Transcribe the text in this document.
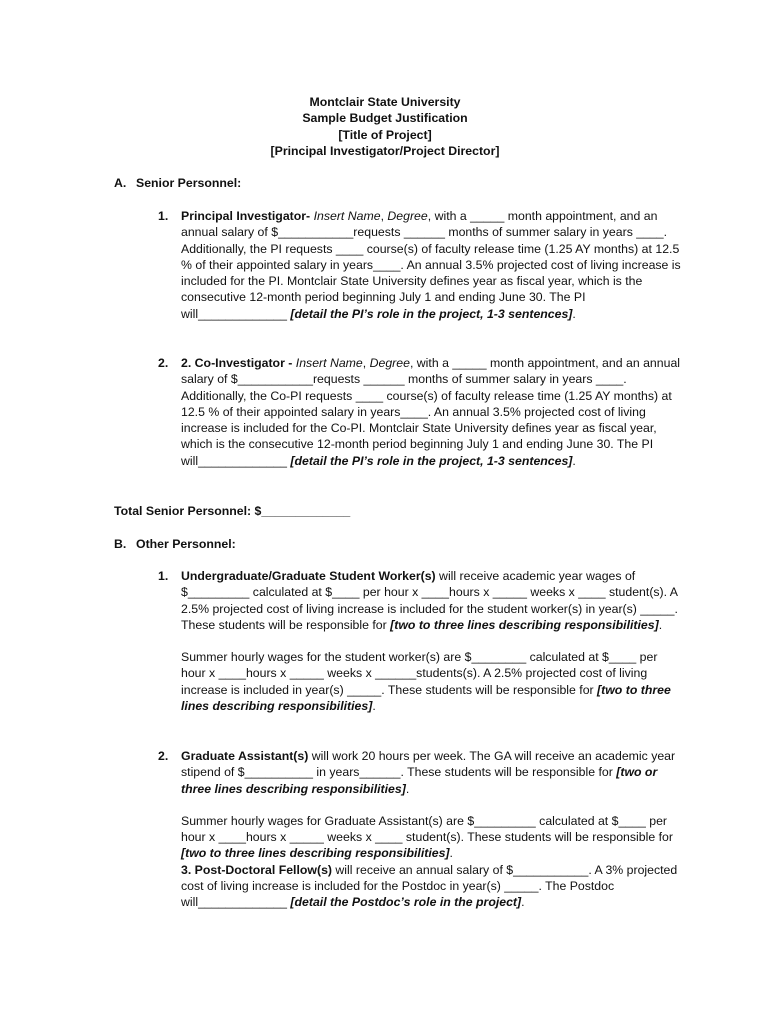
Montclair State University
Sample Budget Justification
[Title of Project]
[Principal Investigator/Project Director]
A. Senior Personnel:
1. Principal Investigator- Insert Name, Degree, with a _____ month appointment, and an annual salary of $___________requests ______ months of summer salary in years ____. Additionally, the PI requests ____ course(s) of faculty release time (1.25 AY months) at 12.5 % of their appointed salary in years____. An annual 3.5% projected cost of living increase is included for the PI. Montclair State University defines year as fiscal year, which is the consecutive 12-month period beginning July 1 and ending June 30. The PI will_____________ [detail the PI’s role in the project, 1-3 sentences].

2. 2. Co-Investigator - Insert Name, Degree, with a _____ month appointment, and an annual salary of $___________requests ______ months of summer salary in years ____. Additionally, the Co-PI requests ____ course(s) of faculty release time (1.25 AY months) at 12.5 % of their appointed salary in years____. An annual 3.5% projected cost of living increase is included for the Co-PI. Montclair State University defines year as fiscal year, which is the consecutive 12-month period beginning July 1 and ending June 30. The PI will_____________ [detail the PI’s role in the project, 1-3 sentences].

Total Senior Personnel: $_____________
B. Other Personnel:
1. Undergraduate/Graduate Student Worker(s) will receive academic year wages of $_________ calculated at $____ per hour x ____hours x _____ weeks x ____ student(s). A 2.5% projected cost of living increase is included for the student worker(s) in year(s) _____. These students will be responsible for [two to three lines describing responsibilities].

Summer hourly wages for the student worker(s) are $________ calculated at $____ per hour x ____hours x _____ weeks x ______students(s). A 2.5% projected cost of living increase is included in year(s) _____. These students will be responsible for [two to three lines describing responsibilities].

2. Graduate Assistant(s) will work 20 hours per week. The GA will receive an academic year stipend of $__________ in years______. These students will be responsible for [two or three lines describing responsibilities].

Summer hourly wages for Graduate Assistant(s) are $_________ calculated at $____ per hour x ____hours x _____ weeks x ____ student(s). These students will be responsible for [two to three lines describing responsibilities].

3. Post-Doctoral Fellow(s) will receive an annual salary of $___________. A 3% projected cost of living increase is included for the Postdoc in year(s) _____. The Postdoc will_____________ [detail the Postdoc’s role in the project].
